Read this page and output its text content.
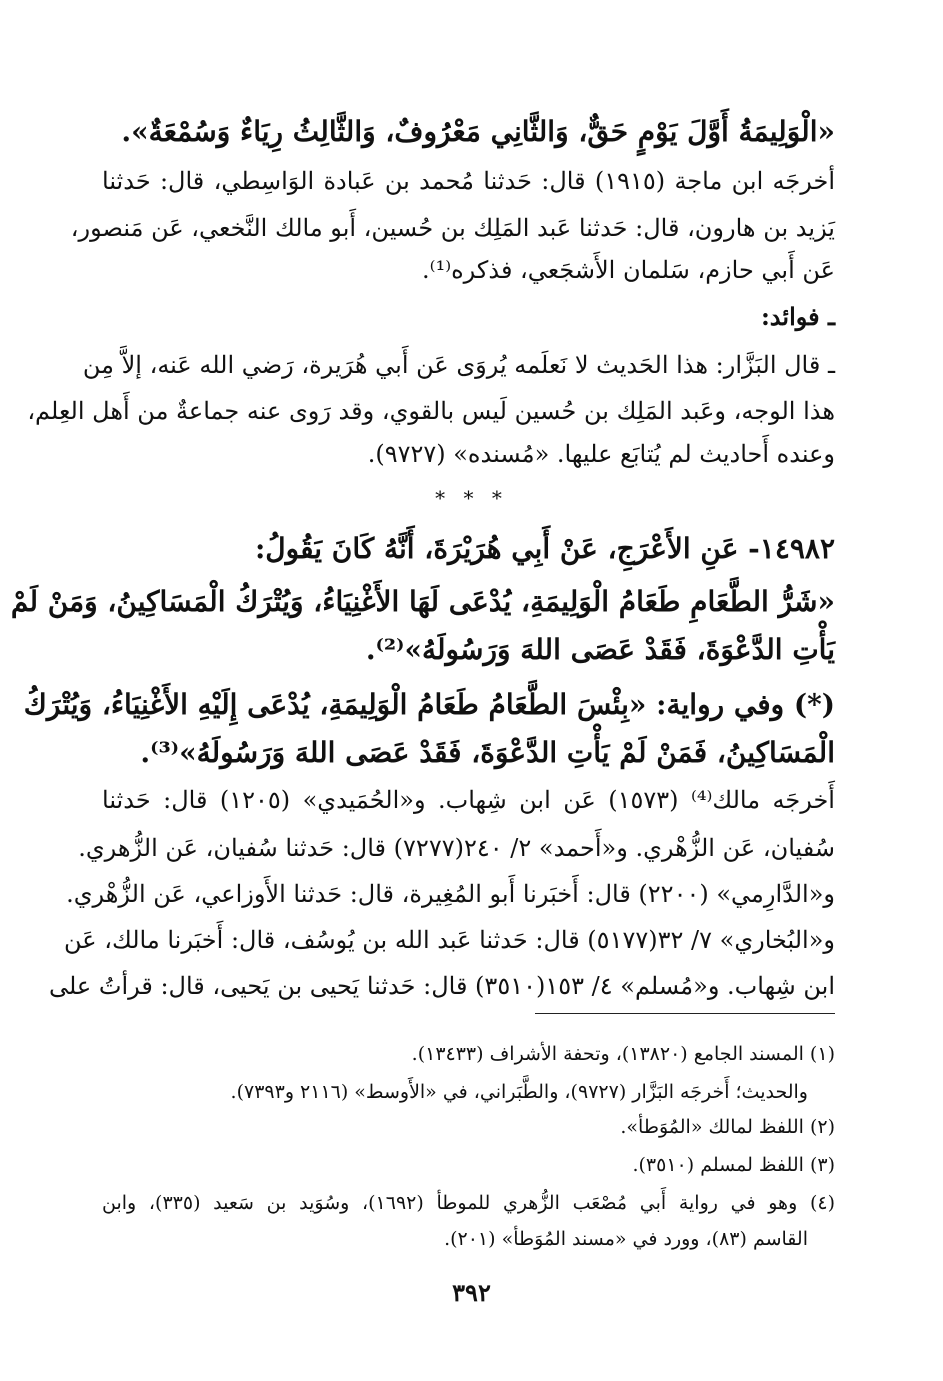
«الْوَلِيمَةُ أَوَّلَ يَوْمٍ حَقٌّ، وَالثَّانِي مَعْرُوفٌ، وَالثَّالِثُ رِيَاءٌ وَسُمْعَةٌ».
أخرجَه ابن ماجة (١٩١٥) قال: حَدثنا مُحمد بن عَبادة الوَاسِطي، قال: حَدثنا
يَزيد بن هارون، قال: حَدثنا عَبد المَلِك بن حُسين، أَبو مالك النَّخعي، عَن مَنصور،
عَن أَبي حازم، سَلمان الأَشجَعي، فذكره⁽¹⁾.
ـ فوائد:
ـ قال البَزَّار: هذا الحَديث لا نَعلَمه يُروَى عَن أَبي هُرَيرة، رَضي الله عَنه، إلاَّ مِن
هذا الوجه، وعَبد المَلِك بن حُسين لَيس بالقوي، وقد رَوى عنه جماعةٌ من أَهل العِلم،
وعنده أَحاديث لم يُتابَع عليها. «مُسنده» (٩٧٢٧).
* * *
١٤٩٨٢- عَنِ الأَعْرَجِ، عَنْ أَبِي هُرَيْرَةَ، أَنَّهُ كَانَ يَقُولُ:
«شَرُّ الطَّعَامِ طَعَامُ الْوَلِيمَةِ، يُدْعَى لَهَا الأَغْنِيَاءُ، وَيُتْرَكُ الْمَسَاكِينُ، وَمَنْ لَمْ
يَأْتِ الدَّعْوَةَ، فَقَدْ عَصَى اللهَ وَرَسُولَهُ»⁽²⁾.
(*) وفي رواية: «بِئْسَ الطَّعَامُ طَعَامُ الْوَلِيمَةِ، يُدْعَى إِلَيْهِ الأَغْنِيَاءُ، وَيُتْرَكُ
الْمَسَاكِينُ، فَمَنْ لَمْ يَأْتِ الدَّعْوَةَ، فَقَدْ عَصَى اللهَ وَرَسُولَهُ»⁽³⁾.
أَخرجَه مالك⁽⁴⁾ (١٥٧٣) عَن ابن شِهاب. و«الحُمَيدي» (١٢٠٥) قال: حَدثنا
سُفيان، عَن الزُّهْري. و«أَحمد» ٢/ ٢٤٠(٧٢٧٧) قال: حَدثنا سُفيان، عَن الزُّهري.
و«الدَّارِمي» (٢٢٠٠) قال: أَخبَرنا أَبو المُغِيرة، قال: حَدثنا الأَوزاعي، عَن الزُّهْري.
و«البُخاري» ٧/ ٣٢(٥١٧٧) قال: حَدثنا عَبد الله بن يُوسُف، قال: أَخبَرنا مالك، عَن
ابن شِهاب. و«مُسلم» ٤/ ١٥٣(٣٥١٠) قال: حَدثنا يَحيى بن يَحيى، قال: قرأتُ على
(١) المسند الجامع (١٣٨٢٠)، وتحفة الأشراف (١٣٤٣٣).
والحديث؛ أَخرجَه البَزَّار (٩٧٢٧)، والطَّبَراني، في «الأَوسط» (٢١١٦ و٧٣٩٣).
(٢) اللفظ لمالك «المُوَطأ».
(٣) اللفظ لمسلم (٣٥١٠).
(٤) وهو في رواية أَبي مُصْعَب الزُّهري للموطأ (١٦٩٢)، وسُوَيد بن سَعيد (٣٣٥)، وابن
القاسم (٨٣)، وورد في «مسند المُوَطأ» (٢٠١).
٣٩٢
